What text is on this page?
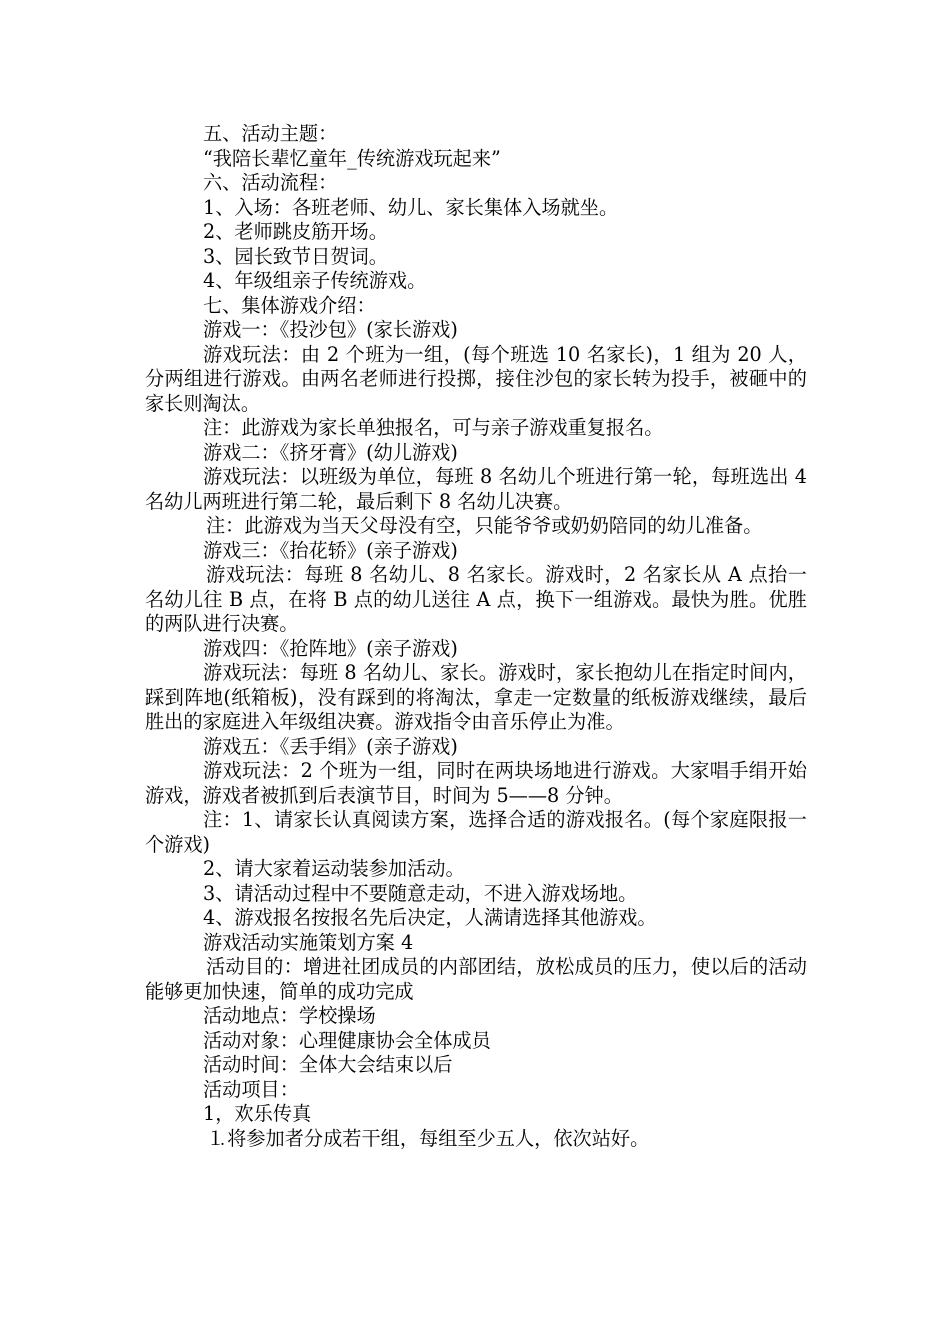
五、活动主题：

“我陪长辈忆童年_传统游戏玩起来”

六、活动流程：

1、入场：各班老师、幼儿、家长集体入场就坐。

2、老师跳皮筋开场。

3、园长致节日贺词。

4、年级组亲子传统游戏。

七、集体游戏介绍：

游戏一：《投沙包》(家长游戏)

游戏玩法：由 2 个班为一组，(每个班选 10 名家长)，1 组为 20 人，分两组进行游戏。由两名老师进行投掷，接住沙包的家长转为投手，被砸中的家长则淘汰。

注：此游戏为家长单独报名，可与亲子游戏重复报名。

游戏二：《挤牙膏》(幼儿游戏)

游戏玩法：以班级为单位，每班 8 名幼儿个班进行第一轮，每班选出 4 名幼儿两班进行第二轮，最后剩下 8 名幼儿决赛。

注：此游戏为当天父母没有空，只能爷爷或奶奶陪同的幼儿准备。

游戏三：《抬花轿》(亲子游戏)

游戏玩法：每班 8 名幼儿、8 名家长。游戏时，2 名家长从 A 点抬一名幼儿往 B 点，在将 B 点的幼儿送往 A 点，换下一组游戏。最快为胜。优胜的两队进行决赛。

游戏四：《抢阵地》(亲子游戏)

游戏玩法：每班 8 名幼儿、家长。游戏时，家长抱幼儿在指定时间内，踩到阵地(纸箱板)，没有踩到的将淘汰，拿走一定数量的纸板游戏继续，最后胜出的家庭进入年级组决赛。游戏指令由音乐停止为准。

游戏五：《丢手绢》(亲子游戏)

游戏玩法：2 个班为一组，同时在两块场地进行游戏。大家唱手绢开始游戏，游戏者被抓到后表演节目，时间为 5——8 分钟。

注：1、请家长认真阅读方案，选择合适的游戏报名。(每个家庭限报一个游戏)

2、请大家着运动装参加活动。

3、请活动过程中不要随意走动，不进入游戏场地。

4、游戏报名按报名先后决定，人满请选择其他游戏。

游戏活动实施策划方案 4

活动目的：增进社团成员的内部团结，放松成员的压力，使以后的活动能够更加快速，简单的成功完成

活动地点：学校操场

活动对象：心理健康协会全体成员

活动时间：全体大会结束以后

活动项目：

1，欢乐传真

⒈将参加者分成若干组，每组至少五人，依次站好。
